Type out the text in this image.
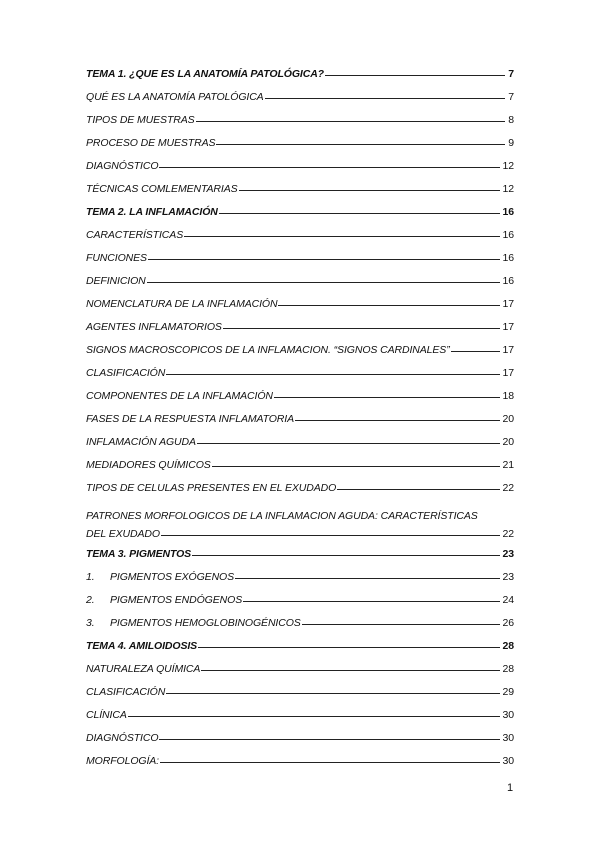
TEMA 1. ¿QUE ES LA ANATOMÍA PATOLÓGICA?	7
QUÉ ES LA ANATOMÍA PATOLÓGICA	7
TIPOS DE MUESTRAS	8
PROCESO DE MUESTRAS	9
DIAGNÓSTICO	12
TÉCNICAS COMLEMENTARIAS	12
TEMA 2. LA INFLAMACIÓN	16
CARACTERÍSTICAS	16
FUNCIONES	16
DEFINICION	16
NOMENCLATURA DE LA INFLAMACIÓN	17
AGENTES INFLAMATORIOS	17
SIGNOS MACROSCOPICOS DE LA INFLAMACION. “SIGNOS CARDINALES”	17
CLASIFICACIÓN	17
COMPONENTES DE LA INFLAMACIÓN	18
FASES DE LA RESPUESTA INFLAMATORIA	20
INFLAMACIÓN AGUDA	20
MEDIADORES QUÍMICOS	21
TIPOS DE CELULAS PRESENTES EN EL EXUDADO	22
PATRONES MORFOLOGICOS DE LA INFLAMACION AGUDA: CARACTERÍSTICAS
DEL EXUDADO	22
TEMA 3. PIGMENTOS	23
1.	PIGMENTOS EXÓGENOS	23
2.	PIGMENTOS ENDÓGENOS	24
3.	PIGMENTOS HEMOGLOBINOGÉNICOS	26
TEMA 4. AMILOIDOSIS	28
NATURALEZA QUÍMICA	28
CLASIFICACIÓN	29
CLÍNICA	30
DIAGNÓSTICO	30
MORFOLOGÍA:	30
1
